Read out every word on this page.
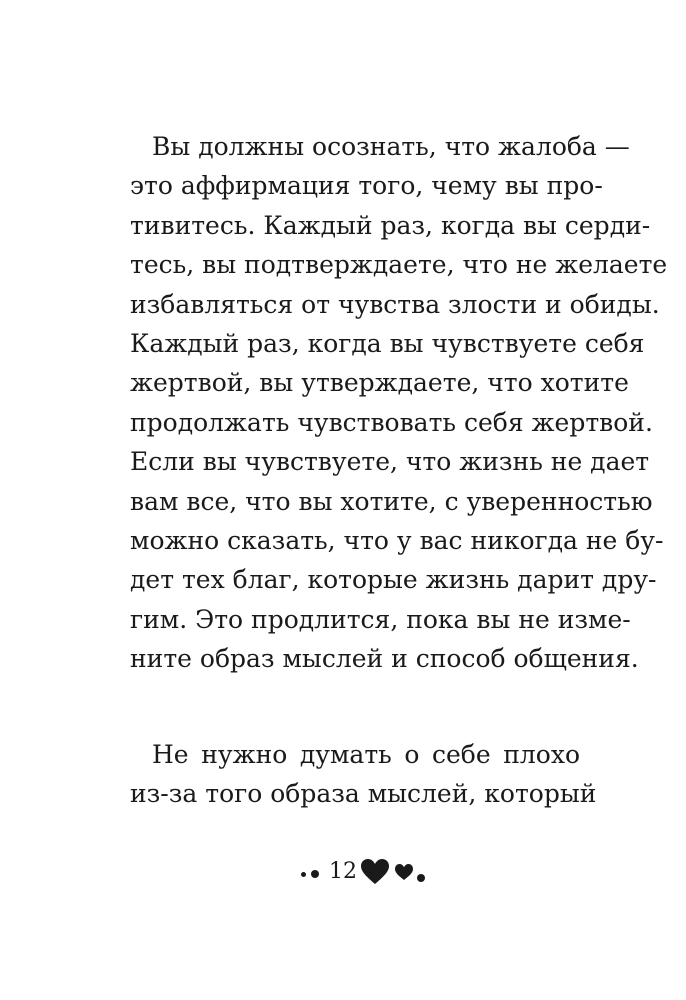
Вы должны осознать, что жалоба —
это аффирмация того, чему вы про-
тивитесь. Каждый раз, когда вы серди-
тесь, вы подтверждаете, что не желаете
избавляться от чувства злости и обиды.
Каждый раз, когда вы чувствуете себя
жертвой, вы утверждаете, что хотите
продолжать чувствовать себя жертвой.
Если вы чувствуете, что жизнь не дает
вам все, что вы хотите, с уверенностью
можно сказать, что у вас никогда не бу-
дет тех благ, которые жизнь дарит дру-
гим. Это продлится, пока вы не изме-
ните образ мыслей и способ общения.
Не нужно думать о себе плохо
из-за того образа мыслей, который
12
